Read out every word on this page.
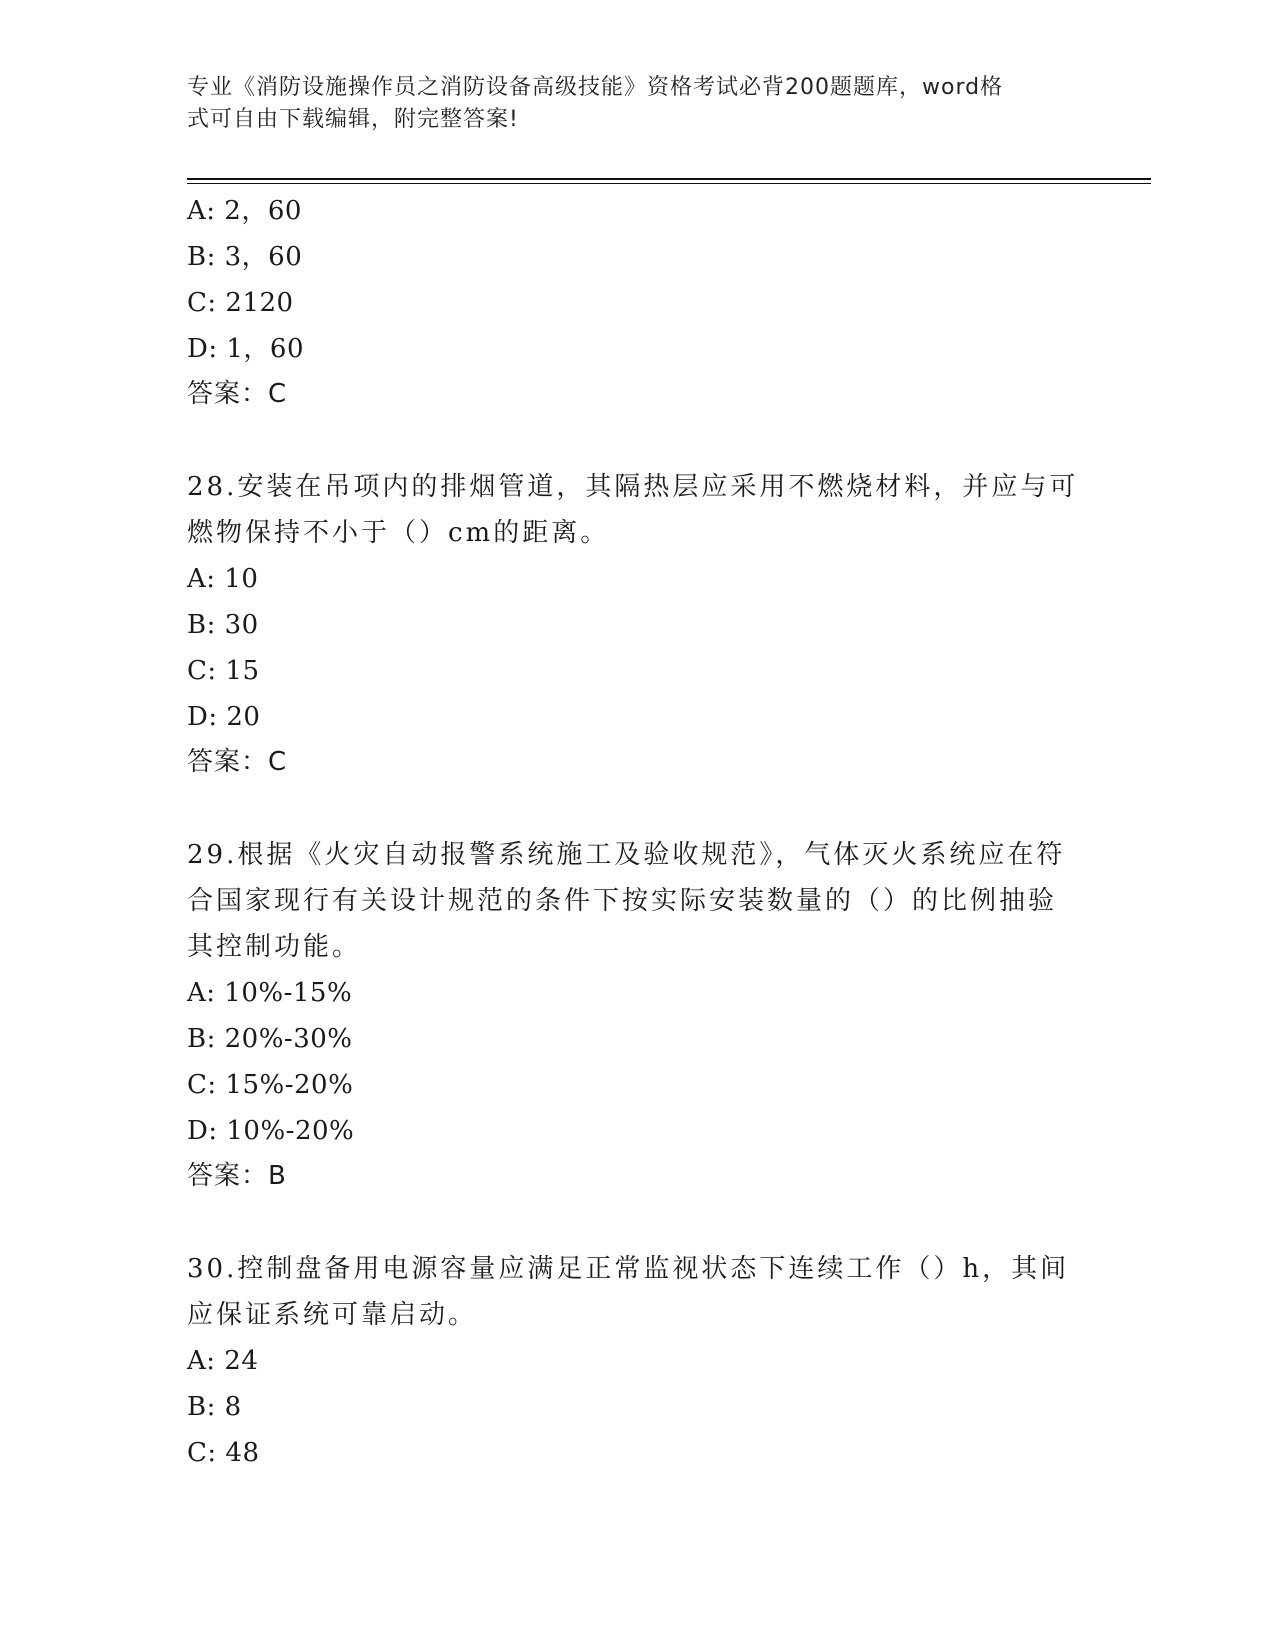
专业《消防设施操作员之消防设备高级技能》资格考试必背200题题库，word格
式可自由下载编辑，附完整答案!
A: 2，60
B: 3，60
C: 2120
D: 1，60
答案：C
28.安装在吊项内的排烟管道，其隔热层应采用不燃烧材料，并应与可
燃物保持不小于（）cm的距离。
A: 10
B: 30
C: 15
D: 20
答案：C
29.根据《火灾自动报警系统施工及验收规范》，气体灭火系统应在符
合国家现行有关设计规范的条件下按实际安装数量的（）的比例抽验
其控制功能。
A: 10%-15%
B: 20%-30%
C: 15%-20%
D: 10%-20%
答案：B
30.控制盘备用电源容量应满足正常监视状态下连续工作（）h，其间
应保证系统可靠启动。
A: 24
B: 8
C: 48
